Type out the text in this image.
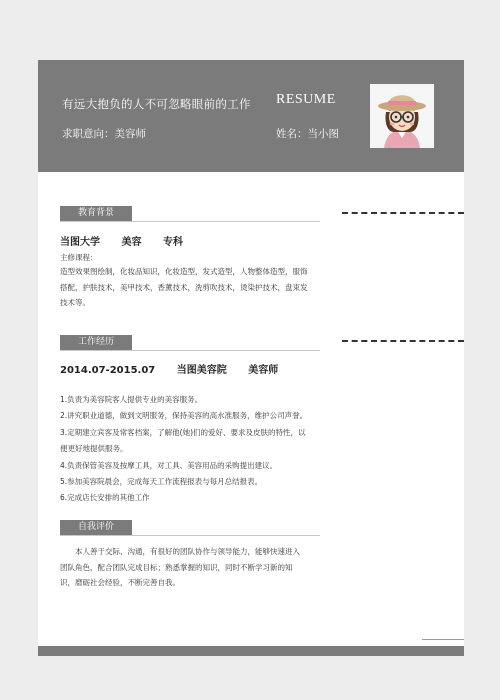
有远大抱负的人不可忽略眼前的工作
求职意向：美容师
RESUME
姓名：当小图
教育背景
当图大学 美容 专科
主修课程：
造型效果图绘制，化妆品知识，化妆造型，发式造型，人物整体造型，服饰搭配，护肤技术，美甲技术，香薰技术，洗剪吹技术，烫染护技术，盘束发技术等。
工作经历
2014.07-2015.07 当图美容院 美容师
1.负责为美容院客人提供专业的美容服务。
2.讲究职业道德，做到文明服务，保持美容的高水准服务，维护公司声誉。
3.定期建立宾客及常客档案，了解他(她)们的爱好、要求及皮肤的特性，以便更好地提供服务。
4.负责保管美容及按摩工具，对工具、美容用品的采购提出建议。
5.参加美容院晨会，完成每天工作流程报表与每月总结报表。
6.完成店长安排的其他工作
自我评价
本人善于交际、沟通，有很好的团队协作与领导能力，能够快速进入团队角色，配合团队完成目标；熟悉掌握的知识，同时不断学习新的知识，磨砺社会经验，不断完善自我。
